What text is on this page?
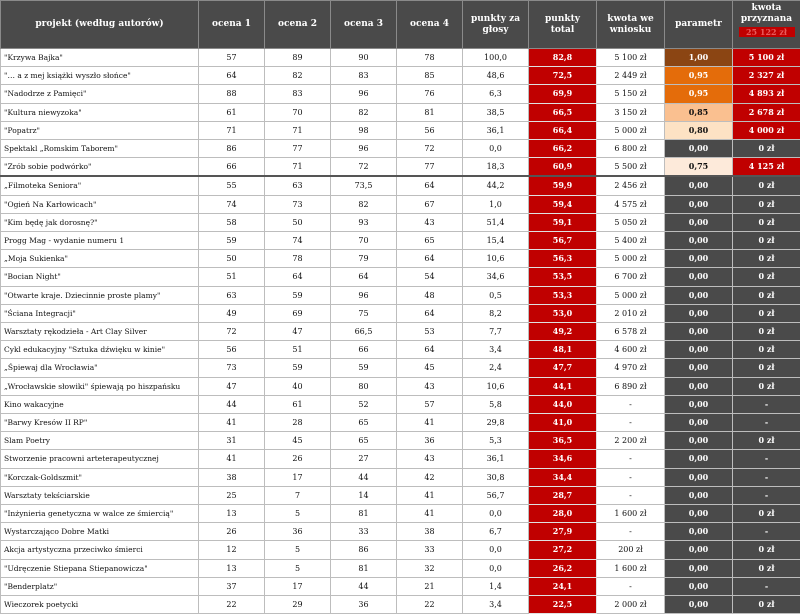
projekt (według autorów)	ocena 1	ocena 2	ocena 3	ocena 4	punkty za głosy	punkty total	kwota we wniosku	parametr	kwota przyznana
25 122 zł

"Krzywa Bajka"	57	89	90	78	100,0	82,8	5 100 zł	1,00	5 100 zł
"… a z mej książki wyszło słońce"	64	82	83	85	48,6	72,5	2 449 zł	0,95	2 327 zł
"Nadodrze z Pamięci"	88	83	96	76	6,3	69,9	5 150 zł	0,95	4 893 zł
"Kultura niewyzoka"	61	70	82	81	38,5	66,5	3 150 zł	0,85	2 678 zł
"Popatrz"	71	71	98	56	36,1	66,4	5 000 zł	0,80	4 000 zł
Spektakl „Romskim Taborem"	86	77	96	72	0,0	66,2	6 800 zł	0,00	0 zł
"Zrób sobie podwórko"	66	71	72	77	18,3	60,9	5 500 zł	0,75	4 125 zł
„Filmoteka Seniora"	55	63	73,5	64	44,2	59,9	2 456 zł	0,00	0 zł
"Ogień Na Karłowicach"	74	73	82	67	1,0	59,4	4 575 zł	0,00	0 zł
"Kim będę jak dorosnę?"	58	50	93	43	51,4	59,1	5 050 zł	0,00	0 zł
Progg Mag - wydanie numeru 1	59	74	70	65	15,4	56,7	5 400 zł	0,00	0 zł
„Moja Sukienka"	50	78	79	64	10,6	56,3	5 000 zł	0,00	0 zł
"Bocian Night"	51	64	64	54	34,6	53,5	6 700 zł	0,00	0 zł
"Otwarte kraje. Dziecinnie proste plamy"	63	59	96	48	0,5	53,3	5 000 zł	0,00	0 zł
"Ściana Integracji"	49	69	75	64	8,2	53,0	2 010 zł	0,00	0 zł
Warsztaty rękodzieła - Art Clay Silver	72	47	66,5	53	7,7	49,2	6 578 zł	0,00	0 zł
Cykl edukacyjny "Sztuka dźwięku w kinie"	56	51	66	64	3,4	48,1	4 600 zł	0,00	0 zł
„Śpiewaj dla Wrocławia"	73	59	59	45	2,4	47,7	4 970 zł	0,00	0 zł
„Wrocławskie słowiki" śpiewają po hiszpańsku	47	40	80	43	10,6	44,1	6 890 zł	0,00	0 zł
Kino wakacyjne	44	61	52	57	5,8	44,0	-	0,00	-
"Barwy Kresów II RP"	41	28	65	41	29,8	41,0	-	0,00	-
Slam Poetry	31	45	65	36	5,3	36,5	2 200 zł	0,00	0 zł
Stworzenie pracowni arteterapeutycznej	41	26	27	43	36,1	34,6	-	0,00	-
"Korczak-Goldszmit"	38	17	44	42	30,8	34,4	-	0,00	-
Warsztaty tekściarskie	25	7	14	41	56,7	28,7	-	0,00	-
"Inżynieria genetyczna w walce ze śmiercią"	13	5	81	41	0,0	28,0	1 600 zł	0,00	0 zł
Wystarczająco Dobre Matki	26	36	33	38	6,7	27,9	-	0,00	-
Akcja artystyczna przeciwko śmierci	12	5	86	33	0,0	27,2	200 zł	0,00	0 zł
"Udręczenie Stiepana Stiepanowicza"	13	5	81	32	0,0	26,2	1 600 zł	0,00	0 zł
"Benderplatz"	37	17	44	21	1,4	24,1	-	0,00	-
Wieczorek poetycki	22	29	36	22	3,4	22,5	2 000 zł	0,00	0 zł
